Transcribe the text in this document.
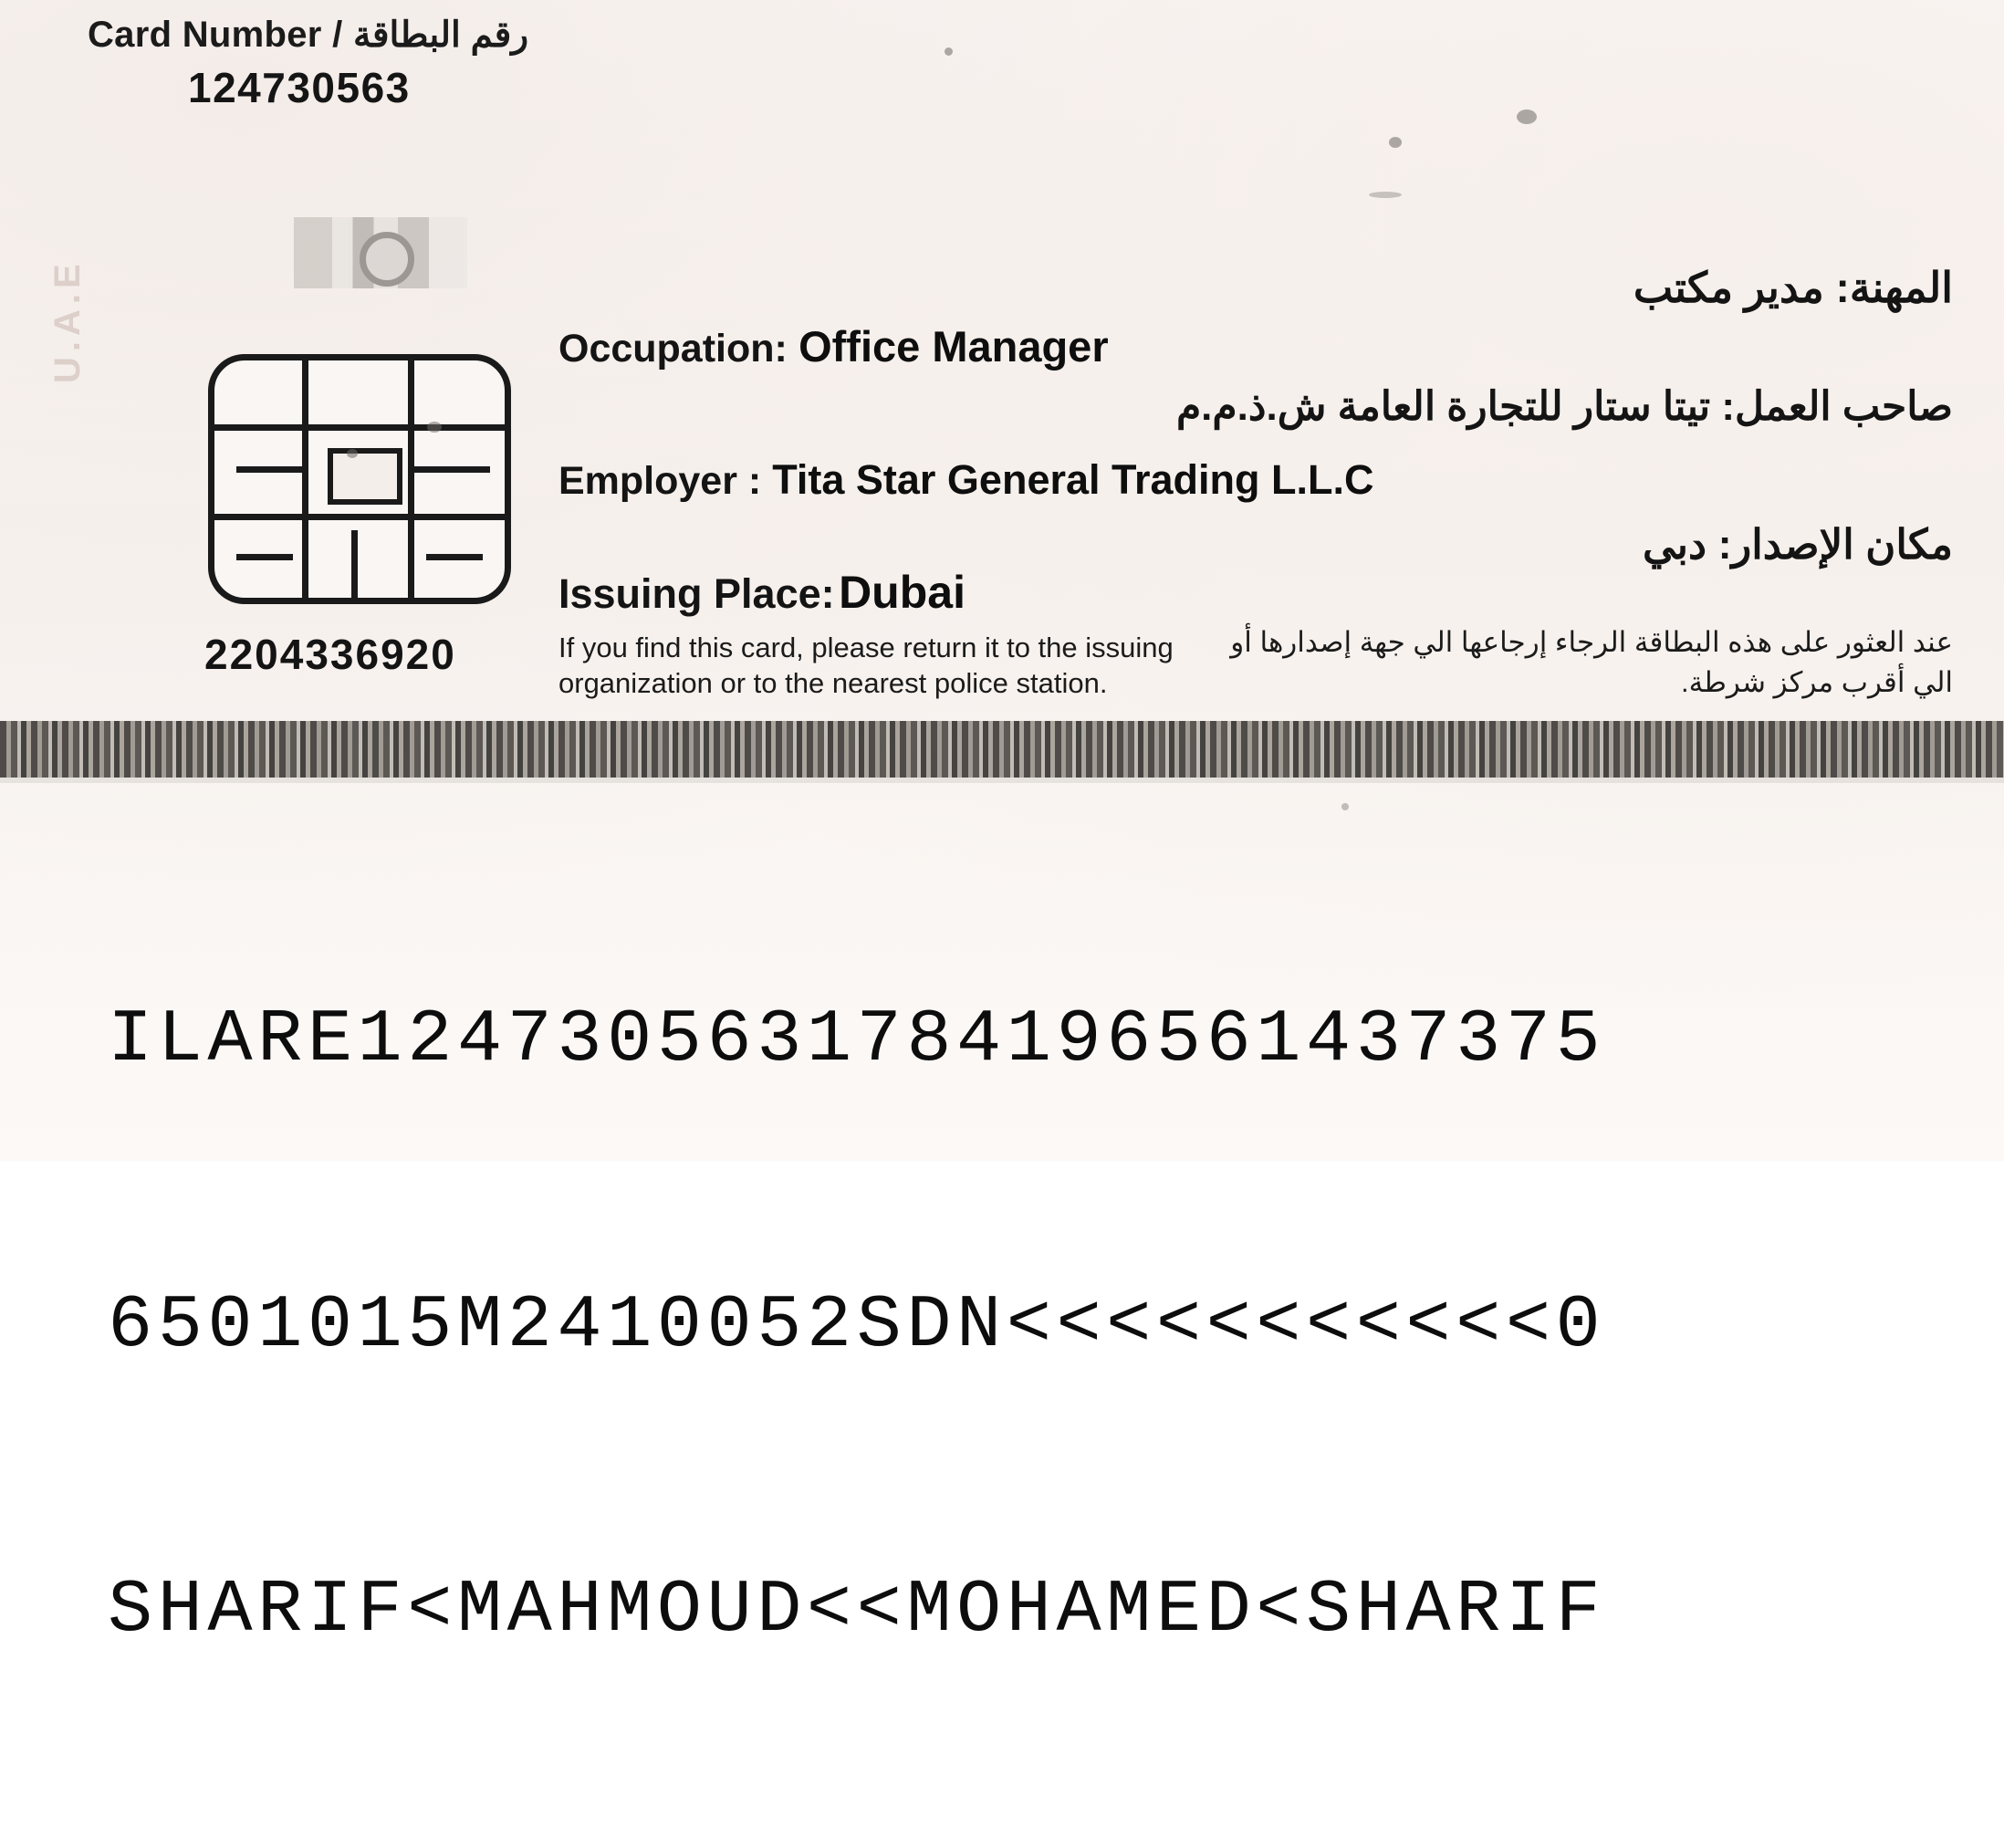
Card Number / رقم البطاقة
124730563
U.A.E
2204336920
المهنة: مدير مكتب
صاحب العمل: تيتا ستار للتجارة العامة ش.ذ.م.م
مكان الإصدار: دبي
Occupation: Office Manager
Employer : Tita Star General Trading L.L.C
Issuing Place: Dubai
If you find this card, please return it to the issuing organization or to the nearest police station.
عند العثور على هذه البطاقة الرجاء إرجاعها الي جهة إصدارها أو الي أقرب مركز شرطة.

ILARE1247305631784196561437375

6501015M2410052SDN<<<<<<<<<<<0

SHARIF<MAHMOUD<<MOHAMED<SHARIF
